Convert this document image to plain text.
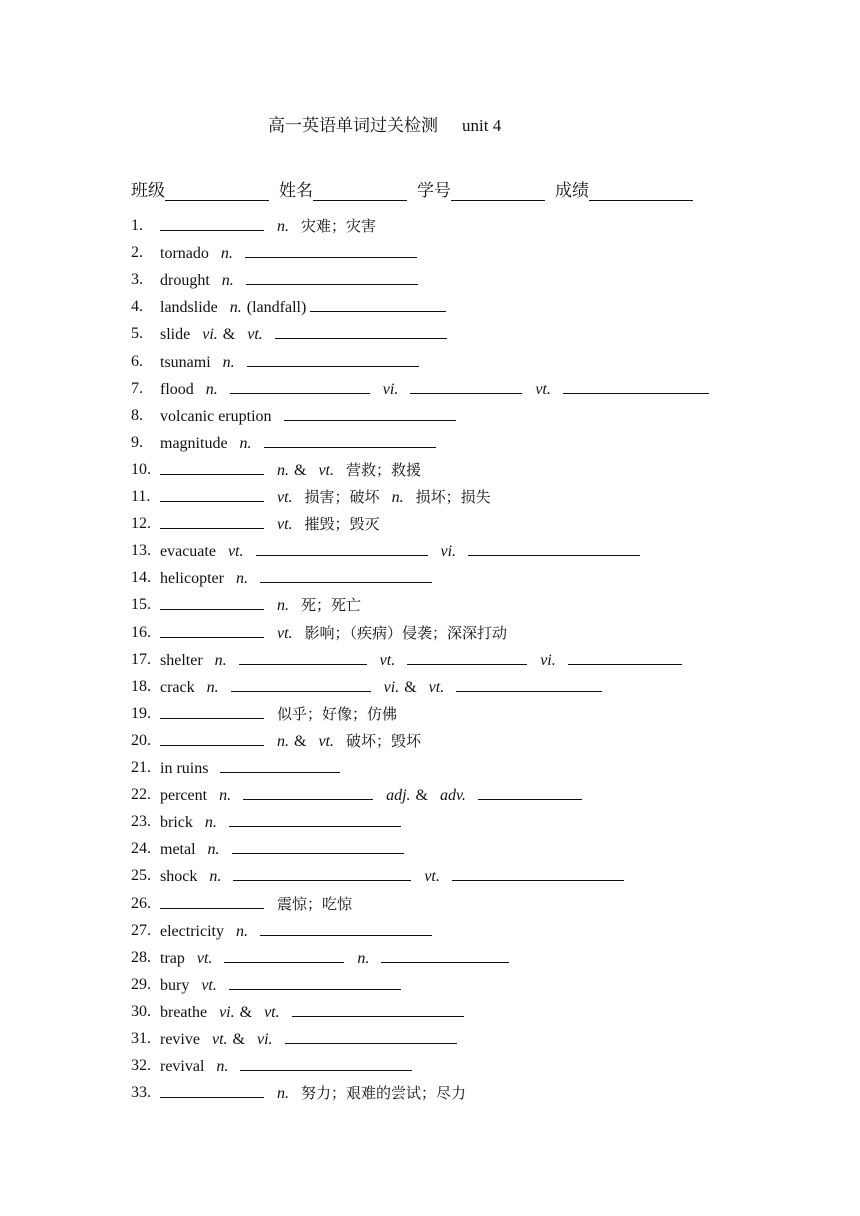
高一英语单词过关检测 unit 4
班级	姓名	学号	成绩
1.	n. 灾难；灾害
2. tornado n.
3. drought n.
4. landslide n. (landfall)
5. slide vi. & vt.
6. tsunami n.
7. flood n.	vi.	vt.
8. volcanic eruption
9. magnitude n.
10.	n. & vt. 营救；救援
11.	vt. 损害；破坏 n. 损坏；损失
12.	vt. 摧毁；毁灭
13. evacuate vt.	vi.
14. helicopter n.
15.	n. 死；死亡
16.	vt. 影响；（疾病）侵袭；深深打动
17. shelter n.	vt.	vi.
18. crack n.	vi. & vt.
19.	似乎；好像；仿佛
20.	n. & vt. 破坏；毁坏
21. in ruins
22. percent n.	adj. & adv.
23. brick n.
24. metal n.
25. shock n.	vt.
26.	震惊；吃惊
27. electricity n.
28. trap vt.	n.
29. bury vt.
30. breathe vi. & vt.
31. revive vt. & vi.
32. revival n.
33.	n. 努力；艰难的尝试；尽力
